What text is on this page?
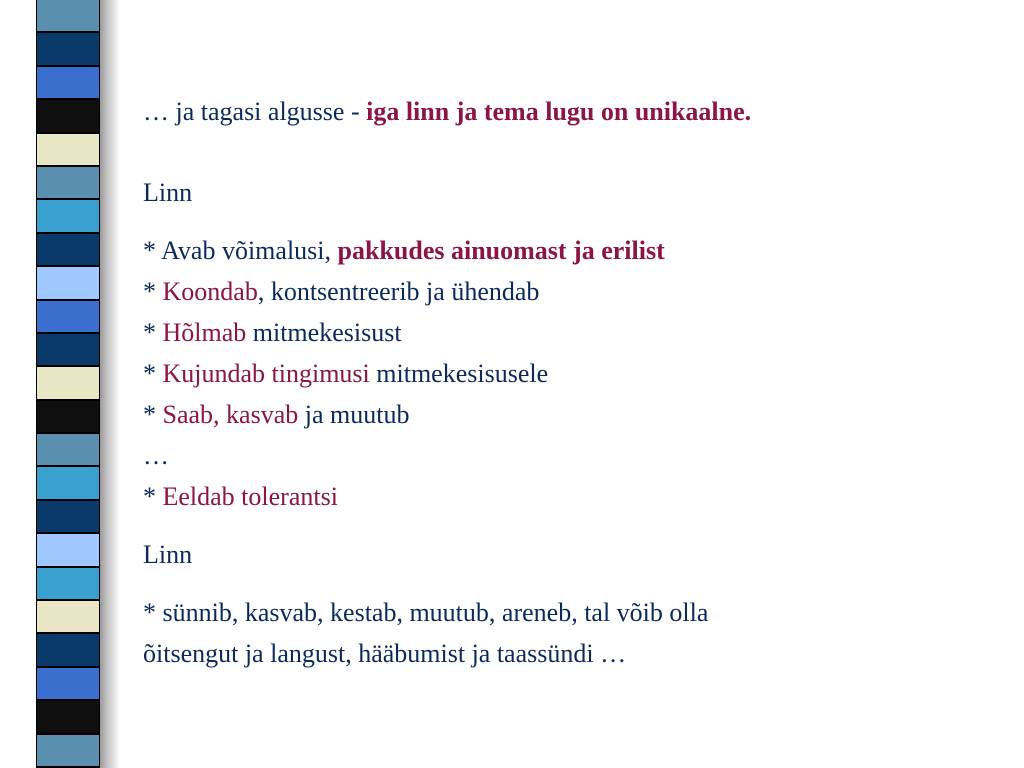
… ja tagasi algusse - iga linn ja tema lugu on unikaalne.
Linn
* Avab võimalusi, pakkudes ainuomast ja erilist
* Koondab, kontsentreerib ja ühendab
* Hõlmab mitmekesisust
* Kujundab tingimusi mitmekesisusele
* Saab, kasvab ja muutub
…
* Eeldab tolerantsi
Linn
* sünnib, kasvab, kestab, muutub, areneb, tal võib olla
õitsengut ja langust, hääbumist ja taassündi …
